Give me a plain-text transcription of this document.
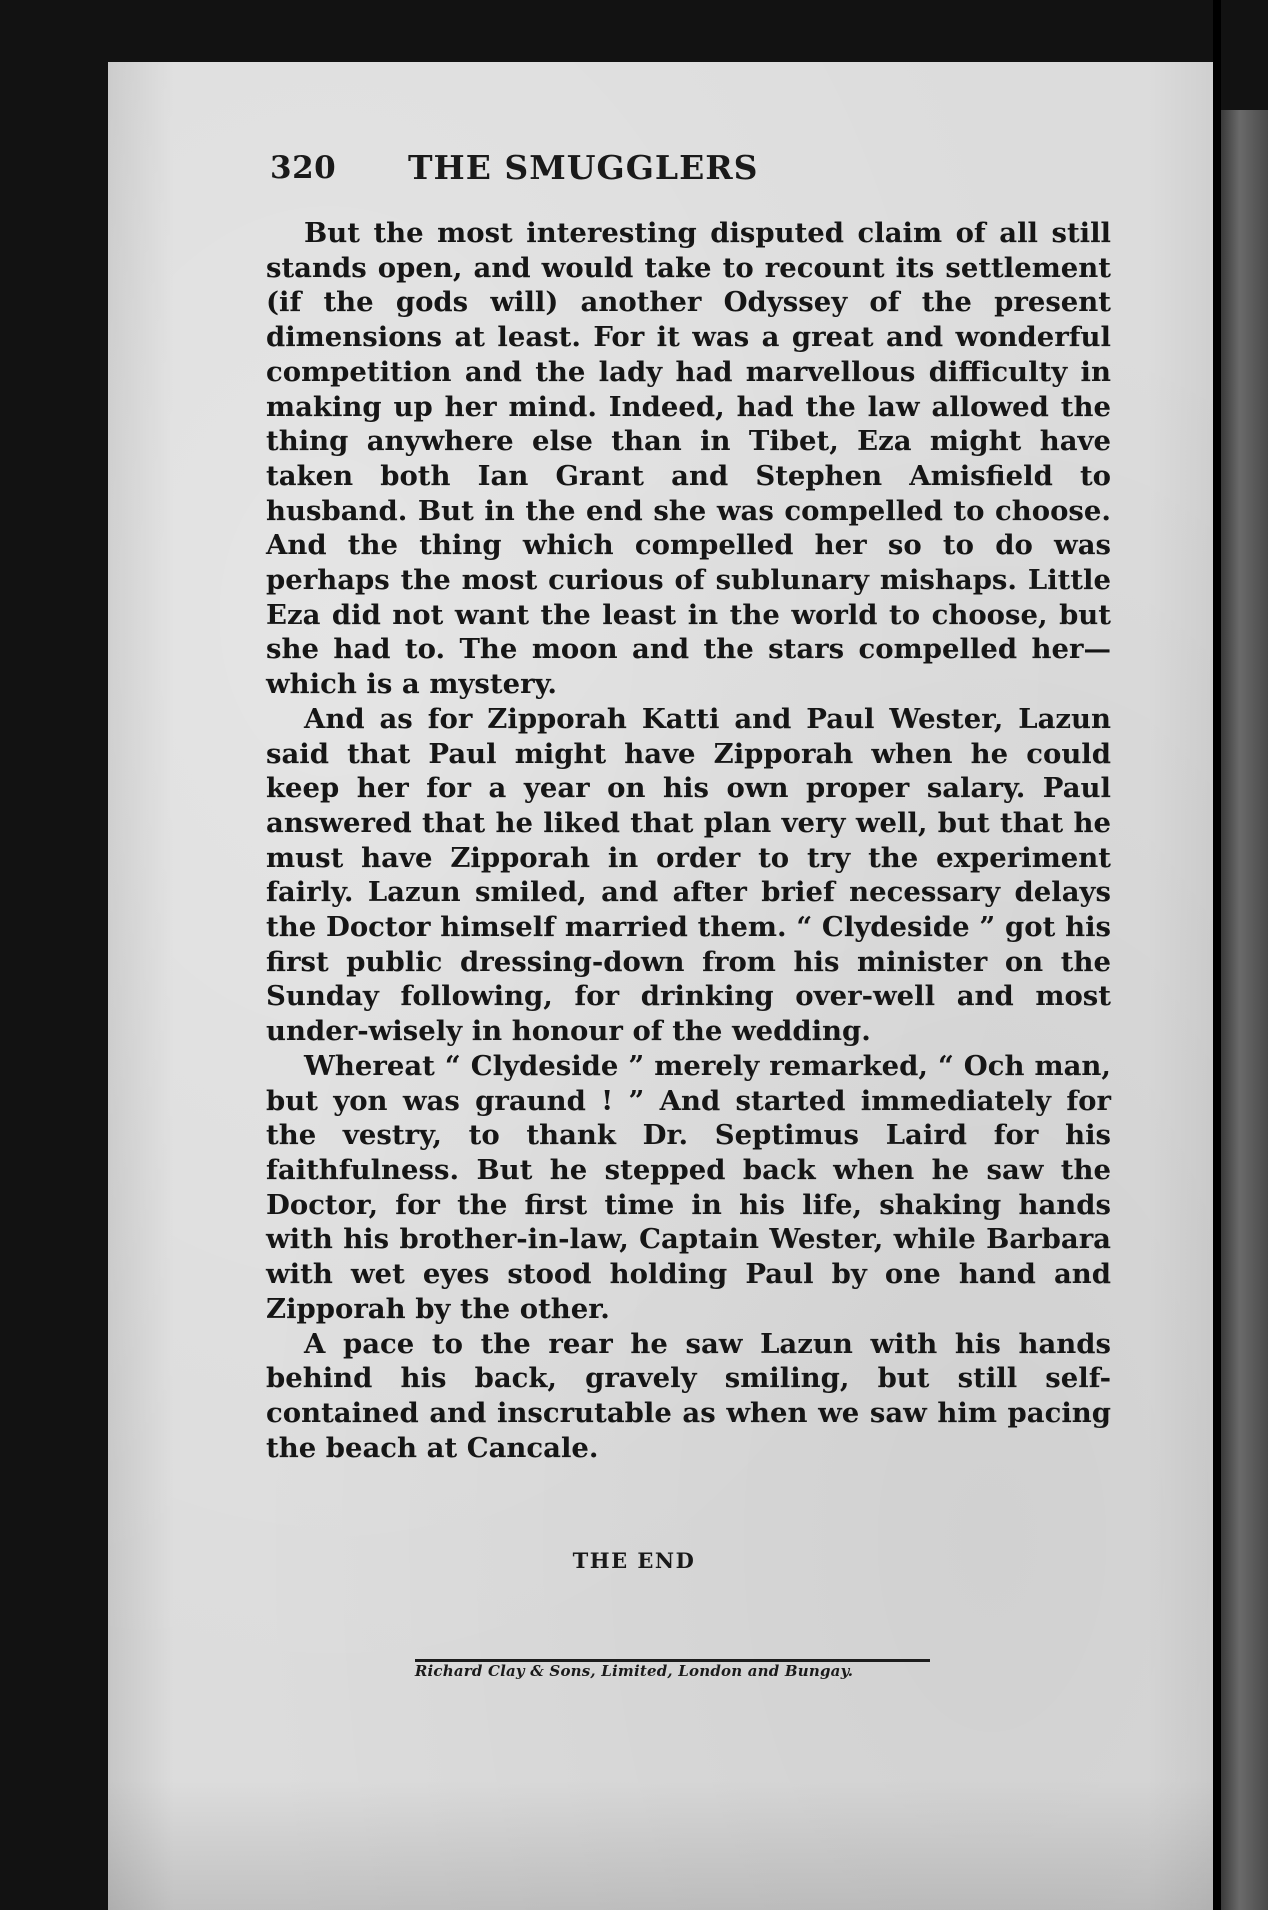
320 THE SMUGGLERS

But the most interesting disputed claim of all still stands open, and would take to recount its settlement (if the gods will) another Odyssey of the present dimensions at least. For it was a great and wonderful competition and the lady had marvellous difficulty in making up her mind. Indeed, had the law allowed the thing anywhere else than in Tibet, Eza might have taken both Ian Grant and Stephen Amisfield to husband. But in the end she was compelled to choose. And the thing which compelled her so to do was perhaps the most curious of sublunary mishaps. Little Eza did not want the least in the world to choose, but she had to. The moon and the stars compelled her—which is a mystery.

And as for Zipporah Katti and Paul Wester, Lazun said that Paul might have Zipporah when he could keep her for a year on his own proper salary. Paul answered that he liked that plan very well, but that he must have Zipporah in order to try the experiment fairly. Lazun smiled, and after brief necessary delays the Doctor himself married them. “ Clydeside ” got his first public dressing-down from his minister on the Sunday following, for drinking over-well and most under-wisely in honour of the wedding.

Whereat “ Clydeside ” merely remarked, “ Och man, but yon was graund ! ” And started immediately for the vestry, to thank Dr. Septimus Laird for his faithfulness. But he stepped back when he saw the Doctor, for the first time in his life, shaking hands with his brother-in-law, Captain Wester, while Barbara with wet eyes stood holding Paul by one hand and Zipporah by the other.

A pace to the rear he saw Lazun with his hands behind his back, gravely smiling, but still self-contained and inscrutable as when we saw him pacing the beach at Cancale.

THE END
Richard Clay & Sons, Limited, London and Bungay.
